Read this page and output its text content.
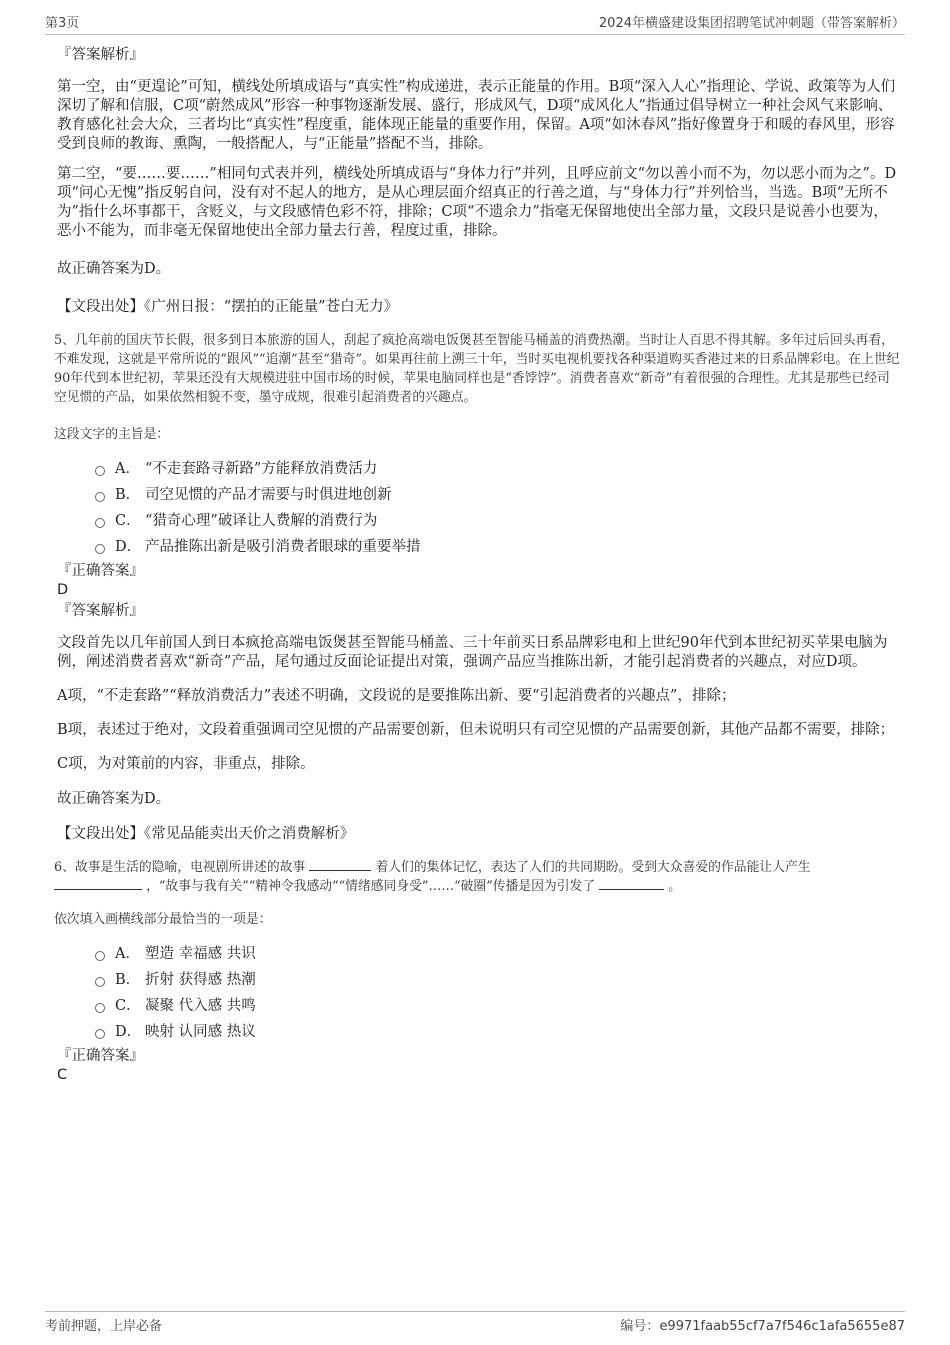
第3页	2024年横盛建设集团招聘笔试冲刺题（带答案解析）
『答案解析』

第一空，由“更遑论”可知，横线处所填成语与“真实性”构成递进，表示正能量的作用。B项“深入人心”指理论、学说、政策等为人们深切了解和信服，C项“蔚然成风”形容一种事物逐渐发展、盛行，形成风气，D项“成风化人”指通过倡导树立一种社会风气来影响、教育感化社会大众，三者均比“真实性”程度重，能体现正能量的重要作用，保留。A项“如沐春风”指好像置身于和暖的春风里，形容受到良师的教诲、熏陶，一般搭配人，与“正能量”搭配不当，排除。

第二空，“要……要……”相同句式表并列，横线处所填成语与“身体力行”并列，且呼应前文“勿以善小而不为，勿以恶小而为之”。D项“问心无愧”指反躬自问，没有对不起人的地方，是从心理层面介绍真正的行善之道，与“身体力行”并列恰当，当选。B项“无所不为”指什么坏事都干，含贬义，与文段感情色彩不符，排除；C项“不遗余力”指毫无保留地使出全部力量，文段只是说善小也要为，恶小不能为，而非毫无保留地使出全部力量去行善，程度过重，排除。

故正确答案为D。

【文段出处】《广州日报：“摆拍的正能量”苍白无力》

5、几年前的国庆节长假，很多到日本旅游的国人，刮起了疯抢高端电饭煲甚至智能马桶盖的消费热潮。当时让人百思不得其解。多年过后回头再看，不难发现，这就是平常所说的“跟风”“追潮”甚至“猎奇”。如果再往前上溯三十年，当时买电视机要找各种渠道购买香港过来的日系品牌彩电。在上世纪90年代到本世纪初，苹果还没有大规模进驻中国市场的时候，苹果电脑同样也是“香饽饽”。消费者喜欢“新奇”有着很强的合理性。尤其是那些已经司空见惯的产品，如果依然相貌不变，墨守成规，很难引起消费者的兴趣点。

这段文字的主旨是：

A． “不走套路寻新路”方能释放消费活力
B． 司空见惯的产品才需要与时俱进地创新
C． “猎奇心理”破译让人费解的消费行为
D． 产品推陈出新是吸引消费者眼球的重要举措
『正确答案』
D
『答案解析』

文段首先以几年前国人到日本疯抢高端电饭煲甚至智能马桶盖、三十年前买日系品牌彩电和上世纪90年代到本世纪初买苹果电脑为例，阐述消费者喜欢“新奇”产品，尾句通过反面论证提出对策，强调产品应当推陈出新，才能引起消费者的兴趣点，对应D项。

A项，“不走套路”“释放消费活力”表述不明确，文段说的是要推陈出新、要“引起消费者的兴趣点”，排除；

B项，表述过于绝对，文段着重强调司空见惯的产品需要创新，但未说明只有司空见惯的产品需要创新，其他产品都不需要，排除；

C项，为对策前的内容，非重点，排除。

故正确答案为D。

【文段出处】《常见品能卖出天价之消费解析》

6、故事是生活的隐喻，电视剧所讲述的故事	着人们的集体记忆，表达了人们的共同期盼。受到大众喜爱的作品能让人产生  ，“故事与我有关”“精神令我感动”“情绪感同身受”……“破圈”传播是因为引发了	。

依次填入画横线部分最恰当的一项是：

A． 塑造 幸福感 共识
B． 折射 获得感 热潮
C． 凝聚 代入感 共鸣
D． 映射 认同感 热议
『正确答案』
C
考前押题，上岸必备	编号：e9971faab55cf7a7f546c1afa5655e87
